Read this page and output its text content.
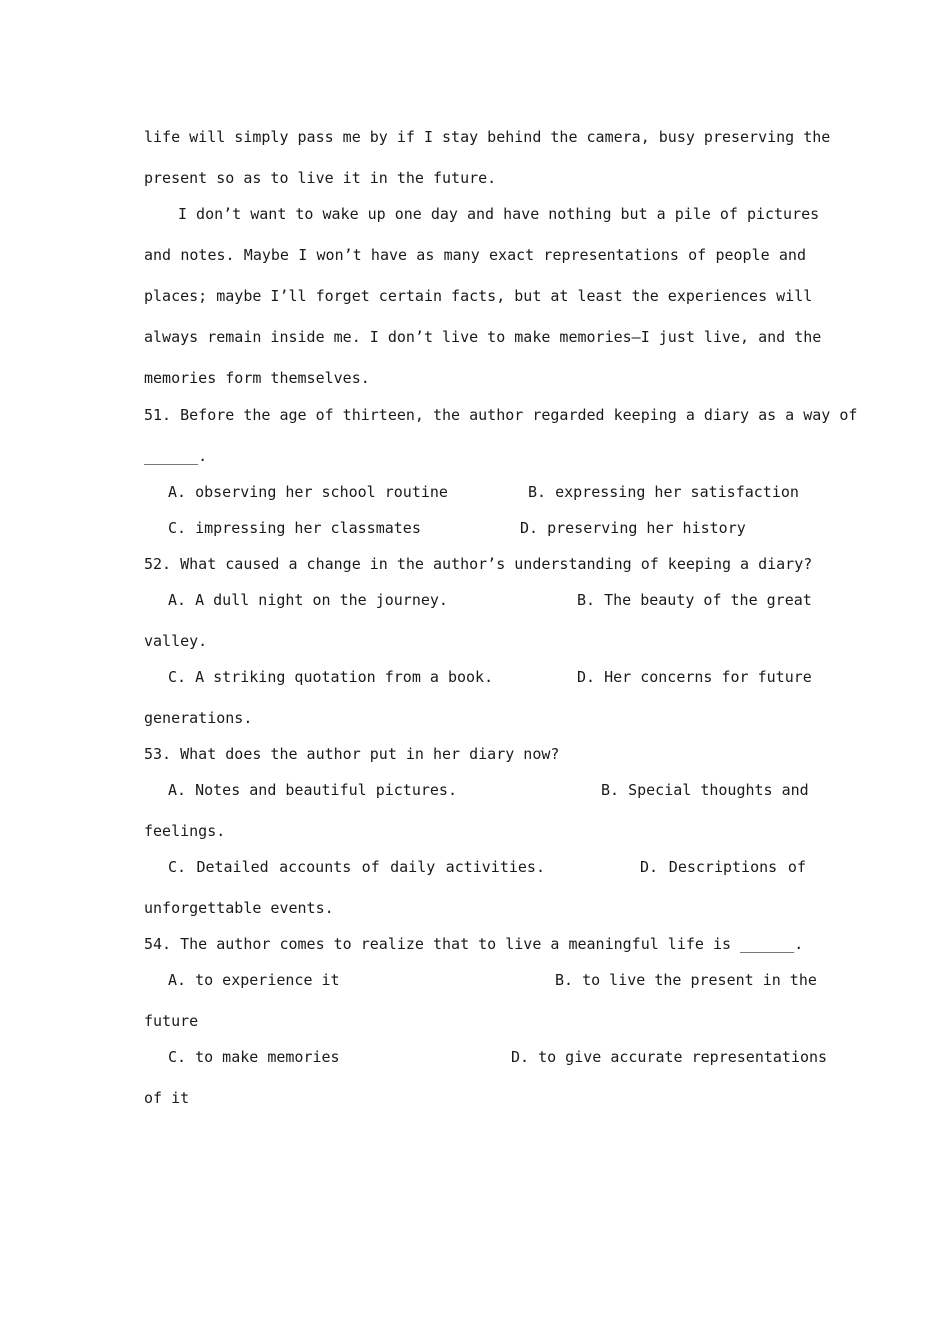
life will simply pass me by if I stay behind the camera, busy preserving the
present so as to live it in the future.
I don’t want to wake up one day and have nothing but a pile of pictures
and notes. Maybe I won’t have as many exact representations of people and
places; maybe I’ll forget certain facts, but at least the experiences will
always remain inside me. I don’t live to make memories—I just live, and the
memories form themselves.
51. Before the age of thirteen, the author regarded keeping a diary as a way of
______.
A. observing her school routine	B. expressing her satisfaction
C. impressing her classmates	D. preserving her history
52. What caused a change in the author’s understanding of keeping a diary?
A. A dull night on the journey.	B. The beauty of the great
valley.
C. A striking quotation from a book.	D. Her concerns for future
generations.
53. What does the author put in her diary now?
A. Notes and beautiful pictures.	B. Special thoughts and
feelings.
C. Detailed accounts of daily activities.	D. Descriptions of
unforgettable events.
54. The author comes to realize that to live a meaningful life is ______.
A. to experience it	B. to live the present in the
future
C. to make memories	D. to give accurate representations
of it
